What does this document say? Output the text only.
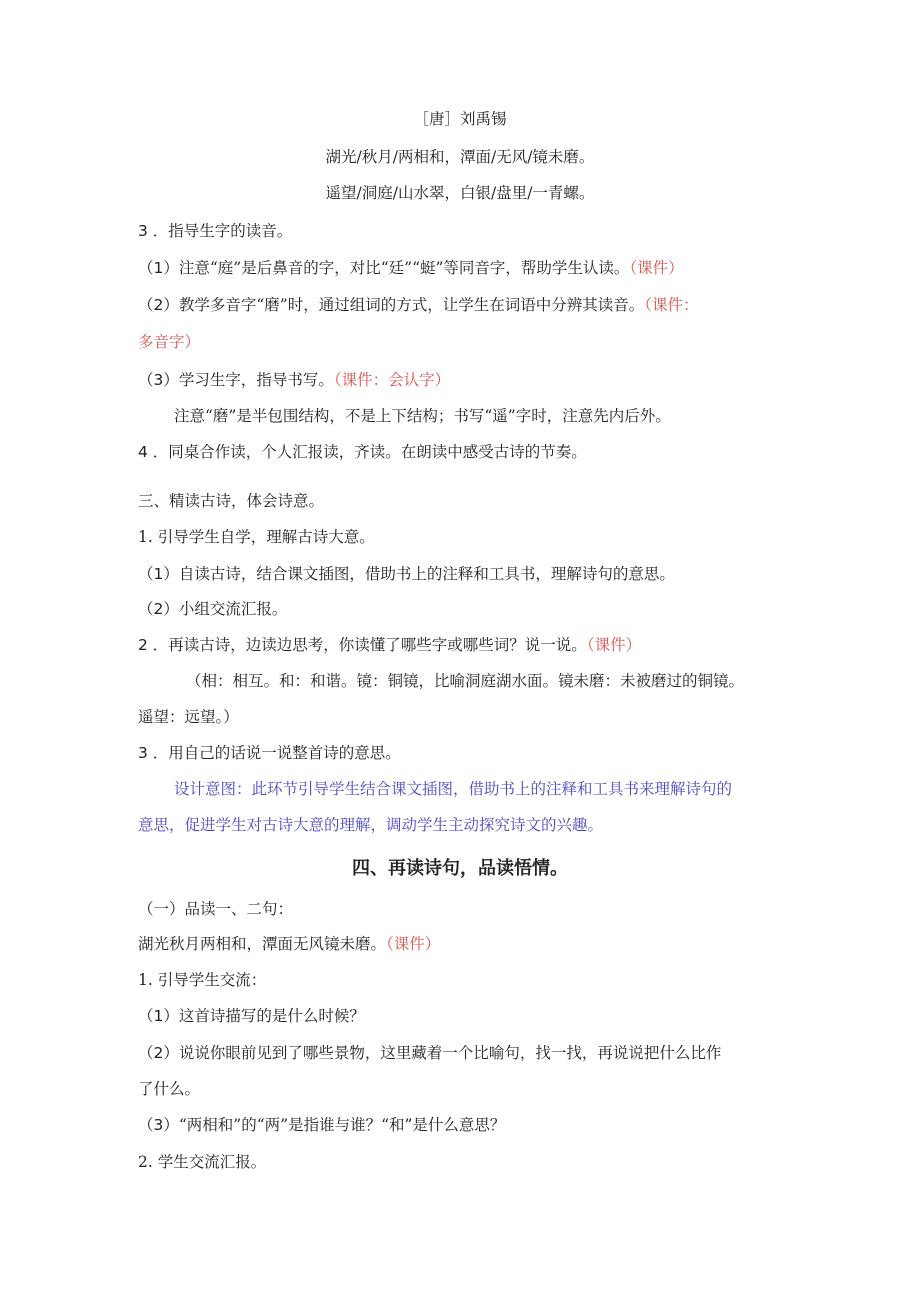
［唐］刘禹锡
湖光/秋月/两相和，潭面/无风/镜未磨。
遥望/洞庭/山水翠，白银/盘里/一青螺。
3 ．指导生字的读音。
（1）注意“庭”是后鼻音的字，对比“廷”“蜓”等同音字，帮助学生认读。（课件）
（2）教学多音字“磨”时，通过组词的方式，让学生在词语中分辨其读音。（课件：
多音字）
（3）学习生字，指导书写。（课件：会认字）
注意“磨”是半包围结构，不是上下结构；书写“遥”字时，注意先内后外。
4 ．同桌合作读，个人汇报读，齐读。在朗读中感受古诗的节奏。
三、精读古诗，体会诗意。
1. 引导学生自学，理解古诗大意。
（1）自读古诗，结合课文插图，借助书上的注释和工具书，理解诗句的意思。
（2）小组交流汇报。
2 ．再读古诗，边读边思考，你读懂了哪些字或哪些词？说一说。（课件）
（相：相互。和：和谐。镜：铜镜，比喻洞庭湖水面。镜未磨：未被磨过的铜镜。
遥望：远望。）
3 ．用自己的话说一说整首诗的意思。
设计意图：此环节引导学生结合课文插图，借助书上的注释和工具书来理解诗句的
意思，促进学生对古诗大意的理解，调动学生主动探究诗文的兴趣。
四、再读诗句，品读悟情。
（一）品读一、二句：
湖光秋月两相和，潭面无风镜未磨。（课件）
1. 引导学生交流：
（1）这首诗描写的是什么时候？
（2）说说你眼前见到了哪些景物，这里藏着一个比喻句，找一找，再说说把什么比作
了什么。
（3）“两相和”的“两”是指谁与谁？“和”是什么意思？
2. 学生交流汇报。
